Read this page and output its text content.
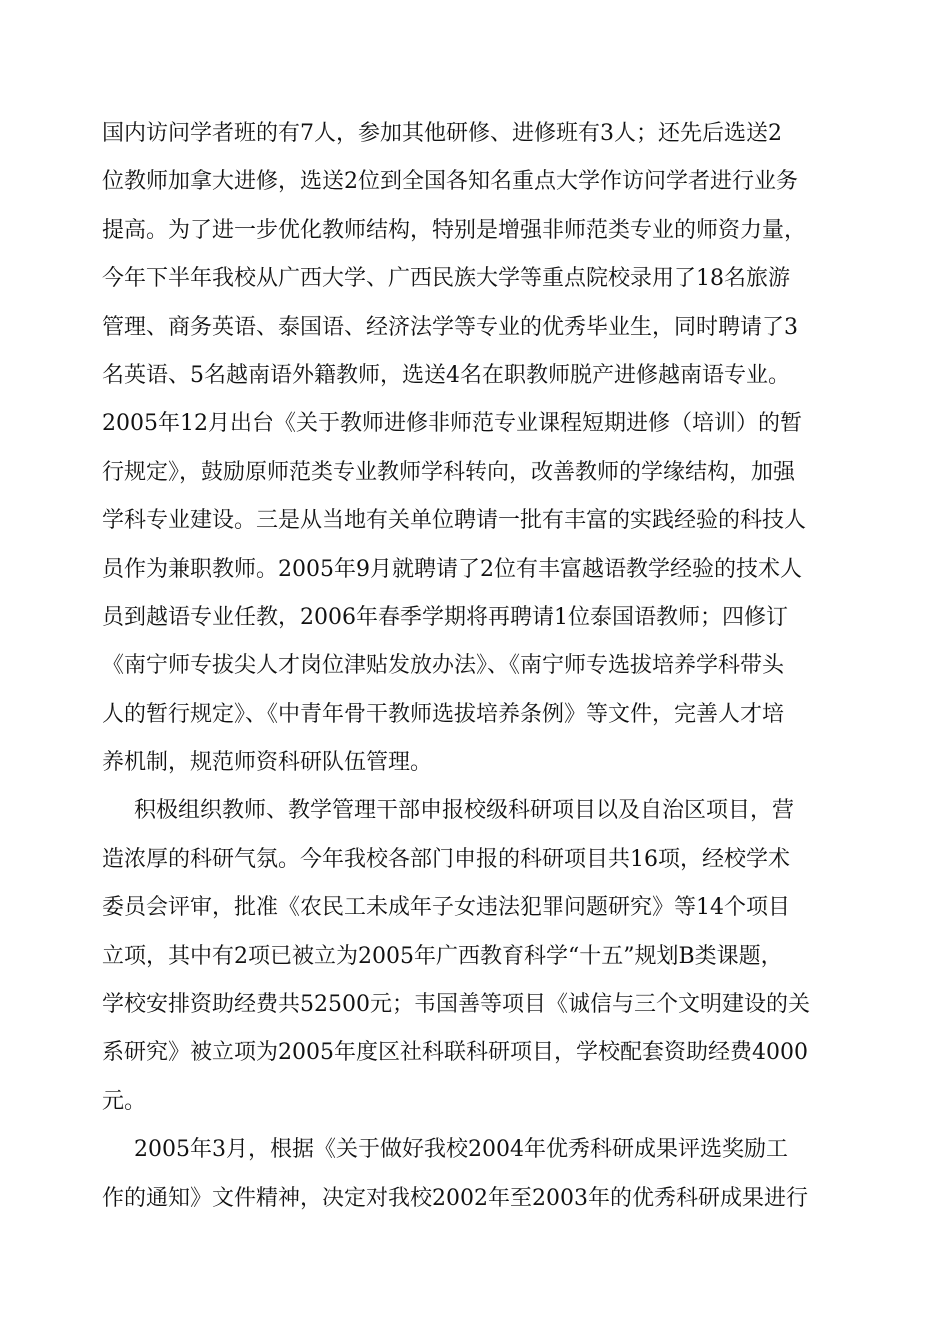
国内访问学者班的有7人，参加其他研修、进修班有3人；还先后选送2
位教师加拿大进修，选送2位到全国各知名重点大学作访问学者进行业务
提高。为了进一步优化教师结构，特别是增强非师范类专业的师资力量，
今年下半年我校从广西大学、广西民族大学等重点院校录用了18名旅游
管理、商务英语、泰国语、经济法学等专业的优秀毕业生，同时聘请了3
名英语、5名越南语外籍教师，选送4名在职教师脱产进修越南语专业。
2005年12月出台《关于教师进修非师范专业课程短期进修（培训）的暂
行规定》，鼓励原师范类专业教师学科转向，改善教师的学缘结构，加强
学科专业建设。三是从当地有关单位聘请一批有丰富的实践经验的科技人
员作为兼职教师。2005年9月就聘请了2位有丰富越语教学经验的技术人
员到越语专业任教，2006年春季学期将再聘请1位泰国语教师；四修订
《南宁师专拔尖人才岗位津贴发放办法》、《南宁师专选拔培养学科带头
人的暂行规定》、《中青年骨干教师选拔培养条例》等文件，完善人才培
养机制，规范师资科研队伍管理。
积极组织教师、教学管理干部申报校级科研项目以及自治区项目，营
造浓厚的科研气氛。今年我校各部门申报的科研项目共16项，经校学术
委员会评审，批准《农民工未成年子女违法犯罪问题研究》等14个项目
立项，其中有2项已被立为2005年广西教育科学“十五”规划B类课题，
学校安排资助经费共52500元；韦国善等项目《诚信与三个文明建设的关
系研究》被立项为2005年度区社科联科研项目，学校配套资助经费4000
元。
2005年3月，根据《关于做好我校2004年优秀科研成果评选奖励工
作的通知》文件精神，决定对我校2002年至2003年的优秀科研成果进行
